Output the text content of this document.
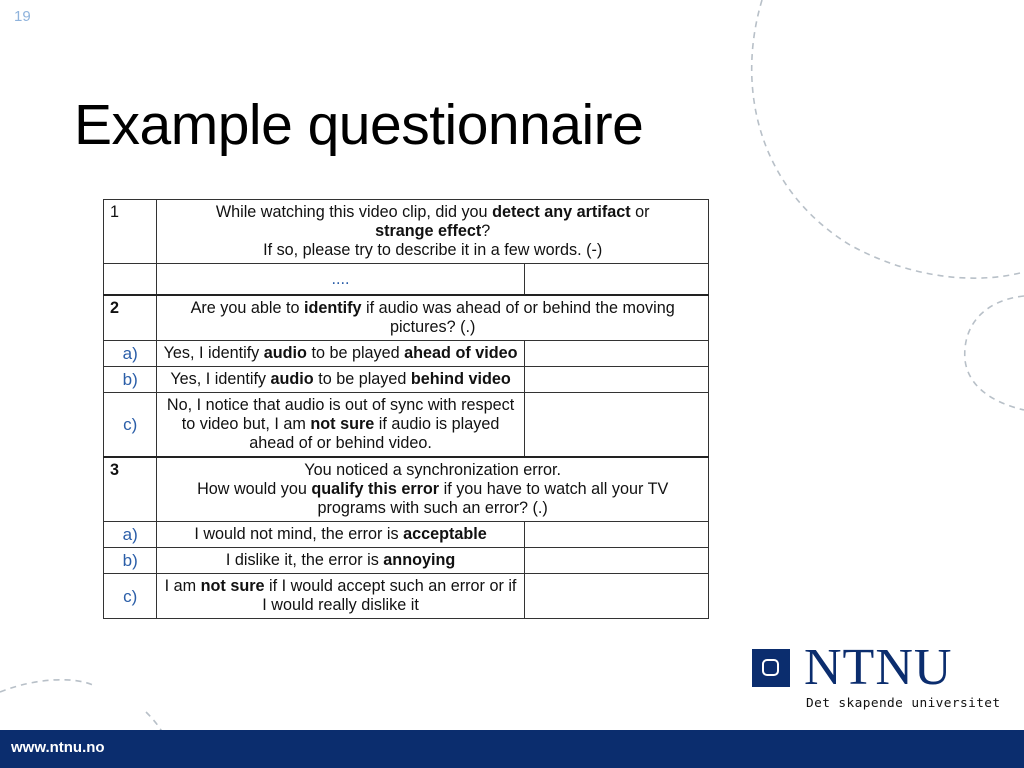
19
Example questionnaire
1	While watching this video clip, did you detect any artifact or
strange effect?
If so, please try to describe it in a few words. (-)	
	....	
2	Are you able to identify if audio was ahead of or behind the moving pictures? (.)	
a)	Yes, I identify audio to be played ahead of video	
b)	Yes, I identify audio to be played behind video	
c)	No, I notice that audio is out of sync with respect to video but, I am not sure if audio is played ahead of or behind video.	
3	You noticed a synchronization error.
How would you qualify this error if you have to watch all your TV programs with such an error? (.)	
a)	I would not mind, the error is acceptable	
b)	I dislike it, the error is annoying	
c)	I am not sure if I would accept such an error or if I would really dislike it	
NTNU
Det skapende universitet
www.ntnu.no
